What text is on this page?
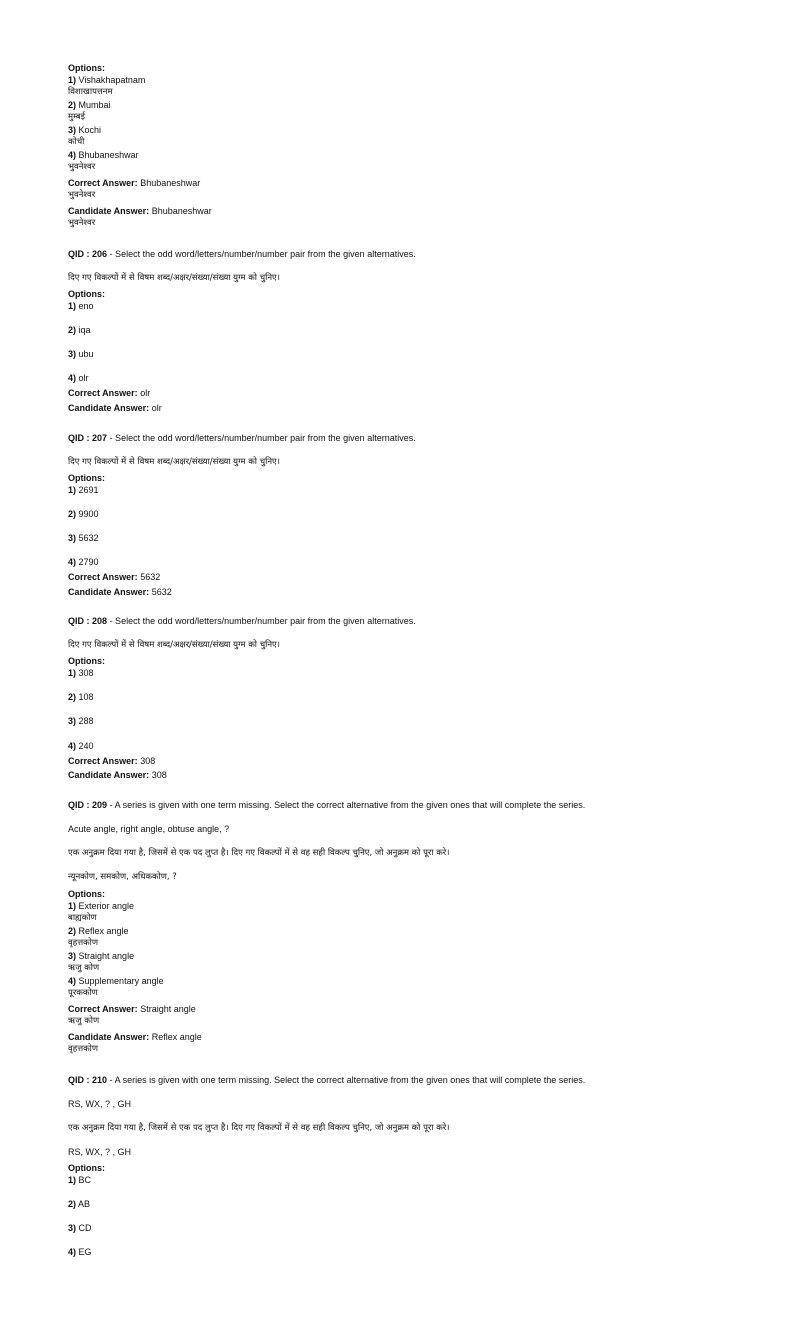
Options:
1) Vishakhapatnam
विशाखापत्तनम
2) Mumbai
मुम्बई
3) Kochi
कोची
4) Bhubaneshwar
भुवनेश्वर
Correct Answer: Bhubaneshwar
भुवनेश्वर
Candidate Answer: Bhubaneshwar
भुवनेश्वर
QID : 206 - Select the odd word/letters/number/number pair from the given alternatives.
दिए गए विकल्पों में से विषम शब्द/अक्षर/संख्या/संख्या युग्म को चुनिए।
Options:
1) eno
2) iqa
3) ubu
4) olr
Correct Answer: olr
Candidate Answer: olr
QID : 207 - Select the odd word/letters/number/number pair from the given alternatives.
दिए गए विकल्पों में से विषम शब्द/अक्षर/संख्या/संख्या युग्म को चुनिए।
Options:
1) 2691
2) 9900
3) 5632
4) 2790
Correct Answer: 5632
Candidate Answer: 5632
QID : 208 - Select the odd word/letters/number/number pair from the given alternatives.
दिए गए विकल्पों में से विषम शब्द/अक्षर/संख्या/संख्या युग्म को चुनिए।
Options:
1) 308
2) 108
3) 288
4) 240
Correct Answer: 308
Candidate Answer: 308
QID : 209 - A series is given with one term missing. Select the correct alternative from the given ones that will complete the series.
Acute angle, right angle, obtuse angle, ?
एक अनुक्रम दिया गया है, जिसमें से एक पद लुप्त है। दिए गए विकल्पों में से वह सही विकल्प चुनिए, जो अनुक्रम को पूरा करे।
न्यूनकोण, समकोण, अधिककोण, ?
Options:
1) Exterior angle
बाह्यकोण
2) Reflex angle
वृहत्तकोण
3) Straight angle
ऋजु कोण
4) Supplementary angle
पूरककोण
Correct Answer: Straight angle
ऋजु कोण
Candidate Answer: Reflex angle
वृहत्तकोण
QID : 210 - A series is given with one term missing. Select the correct alternative from the given ones that will complete the series.
RS, WX, ? , GH
एक अनुक्रम दिया गया है, जिसमें से एक पद लुप्त है। दिए गए विकल्पों में से वह सही विकल्प चुनिए, जो अनुक्रम को पूरा करे।
RS, WX, ? , GH
Options:
1) BC
2) AB
3) CD
4) EG
